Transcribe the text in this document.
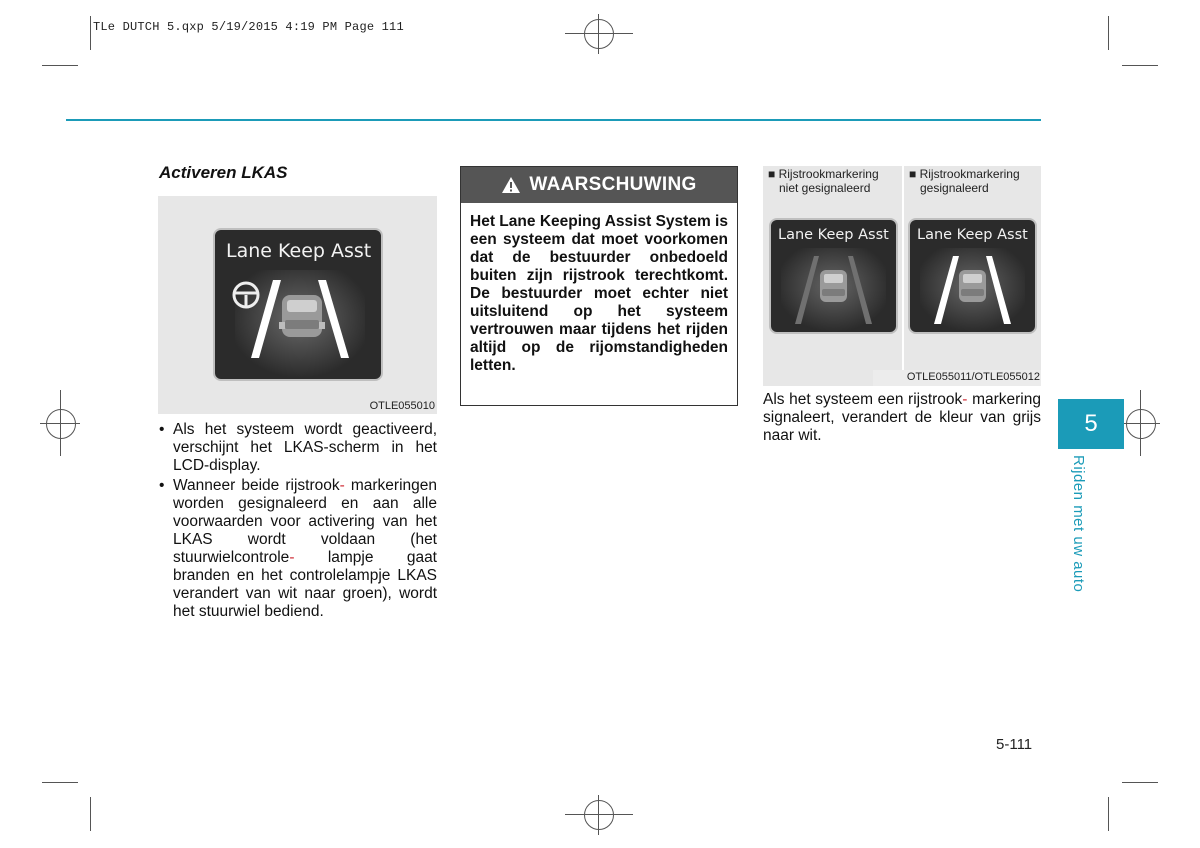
TLe DUTCH 5.qxp 5/19/2015 4:19 PM Page 111
Activeren LKAS
Lane Keep Asst
OTLE055010
• Als het systeem wordt geactiveerd, verschijnt het LKAS-scherm in het LCD-display.
• Wanneer beide rijstrook- markeringen worden gesignaleerd en aan alle voorwaarden voor activering van het LKAS wordt voldaan (het stuurwielcontrole- lampje gaat branden en het controlelampje LKAS verandert van wit naar groen), wordt het stuurwiel bediend.
WAARSCHUWING
Het Lane Keeping Assist System is een systeem dat moet voorkomen dat de bestuurder onbedoeld buiten zijn rijstrook terechtkomt. De bestuurder moet echter niet uitsluitend op het systeem vertrouwen maar tijdens het rijden altijd op de rijomstandigheden letten.
■ Rijstrookmarkering
niet gesignaleerd
■ Rijstrookmarkering
gesignaleerd
Lane Keep Asst Lane Keep Asst
OTLE055011/OTLE055012
Als het systeem een rijstrook- markering signaleert, verandert de kleur van grijs naar wit.	5
Rijden met uw auto
5-111
